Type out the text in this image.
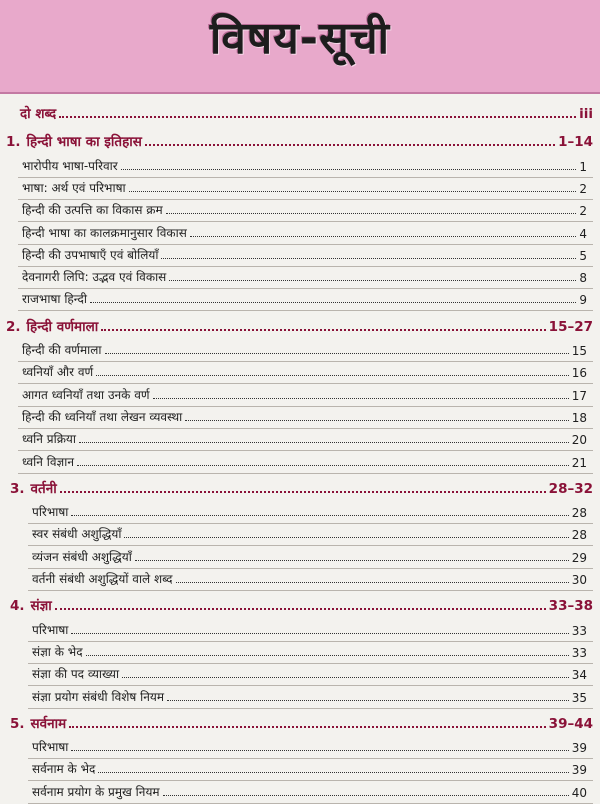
विषय-सूची
दो शब्द	iii
1. हिन्दी भाषा का इतिहास	1–14
भारोपीय भाषा-परिवार	1
भाषा: अर्थ एवं परिभाषा	2
हिन्दी की उत्पत्ति का विकास क्रम	2
हिन्दी भाषा का कालक्रमानुसार विकास	4
हिन्दी की उपभाषाएँ एवं बोलियाँ	5
देवनागरी लिपि: उद्भव एवं विकास	8
राजभाषा हिन्दी	9
2. हिन्दी वर्णमाला	15–27
हिन्दी की वर्णमाला	15
ध्वनियाँ और वर्ण	16
आगत ध्वनियाँ तथा उनके वर्ण	17
हिन्दी की ध्वनियाँ तथा लेखन व्यवस्था	18
ध्वनि प्रक्रिया	20
ध्वनि विज्ञान	21
3. वर्तनी	28–32
परिभाषा	28
स्वर संबंधी अशुद्धियाँ	28
व्यंजन संबंधी अशुद्धियाँ	29
वर्तनी संबंधी अशुद्धियों वाले शब्द	30
4. संज्ञा	33–38
परिभाषा	33
संज्ञा के भेद	33
संज्ञा की पद व्याख्या	34
संज्ञा प्रयोग संबंधी विशेष नियम	35
5. सर्वनाम	39–44
परिभाषा	39
सर्वनाम के भेद	39
सर्वनाम प्रयोग के प्रमुख नियम	40
